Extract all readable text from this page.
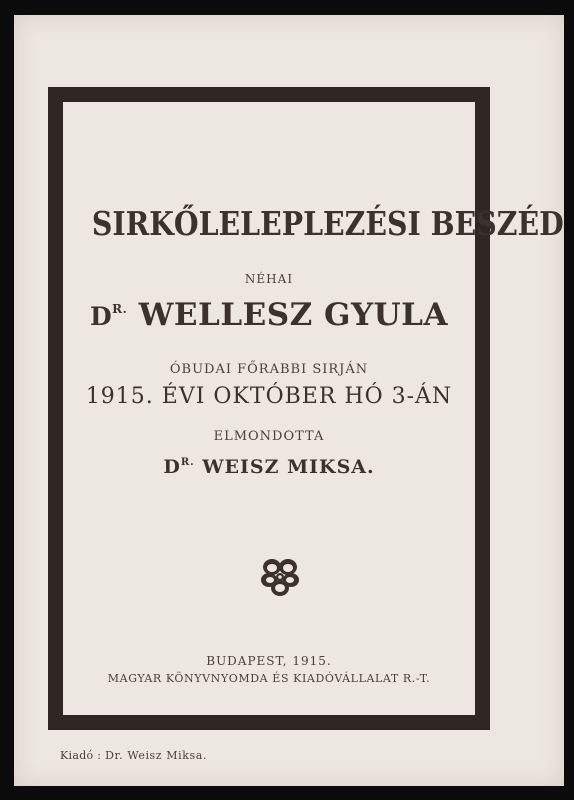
SIRKŐLELEPLEZÉSI BESZÉD
NÉHAI
$D^{R.}$ WELLESZ GYULA
ÓBUDAI FŐRABBI SIRJÁN
1915. ÉVI OKTÓBER HÓ 3-ÁN
ELMONDOTTA
$D^{R.}$ WEISZ MIKSA.
BUDAPEST, 1915.
MAGYAR KÖNYVNYOMDA ÉS KIADÓVÁLLALAT R.-T.
Kiadó : Dr. Weisz Miksa.
